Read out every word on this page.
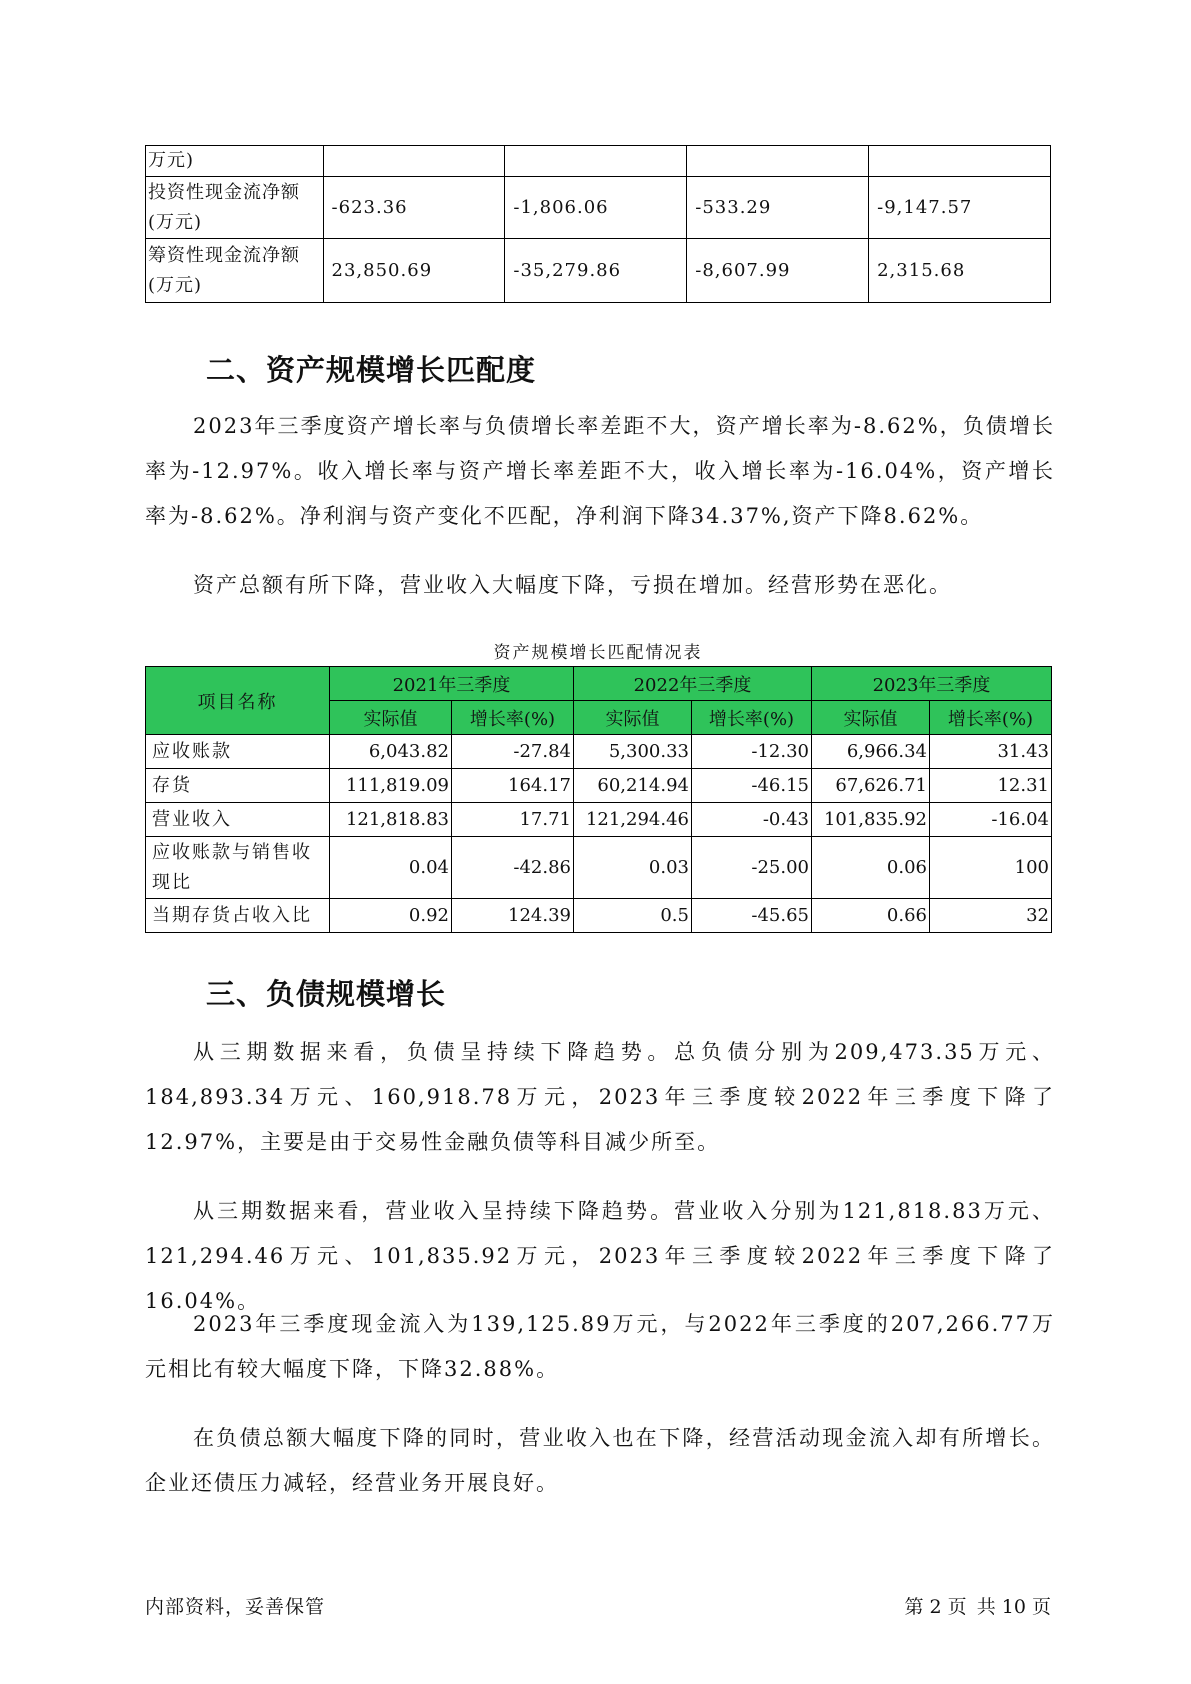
万元)				
投资性现金流净额(万元)	-623.36	-1,806.06	-533.29	-9,147.57
筹资性现金流净额(万元)	23,850.69	-35,279.86	-8,607.99	2,315.68
二、资产规模增长匹配度

2023年三季度资产增长率与负债增长率差距不大，资产增长率为-8.62%，负债增长率为-12.97%。收入增长率与资产增长率差距不大，收入增长率为-16.04%，资产增长率为-8.62%。净利润与资产变化不匹配，净利润下降34.37%,资产下降8.62%。

资产总额有所下降，营业收入大幅度下降，亏损在增加。经营形势在恶化。

资产规模增长匹配情况表
项目名称	2021年三季度		2022年三季度		2023年三季度	
	实际值	增长率(%)	实际值	增长率(%)	实际值	增长率(%)
应收账款	6,043.82	-27.84	5,300.33	-12.30	6,966.34	31.43
存货	111,819.09	164.17	60,214.94	-46.15	67,626.71	12.31
营业收入	121,818.83	17.71	121,294.46	-0.43	101,835.92	-16.04
应收账款与销售收现比	0.04	-42.86	0.03	-25.00	0.06	100
当期存货占收入比	0.92	124.39	0.5	-45.65	0.66	32
三、负债规模增长

从三期数据来看，负债呈持续下降趋势。总负债分别为209,473.35万元、184,893.34万元、160,918.78万元，2023年三季度较2022年三季度下降了12.97%，主要是由于交易性金融负债等科目减少所至。

从三期数据来看，营业收入呈持续下降趋势。营业收入分别为121,818.83万元、121,294.46万元、101,835.92万元，2023年三季度较2022年三季度下降了16.04%。

2023年三季度现金流入为139,125.89万元，与2022年三季度的207,266.77万元相比有较大幅度下降，下降32.88%。

在负债总额大幅度下降的同时，营业收入也在下降，经营活动现金流入却有所增长。企业还债压力减轻，经营业务开展良好。

内部资料，妥善保管	第 2 页 共 10 页
